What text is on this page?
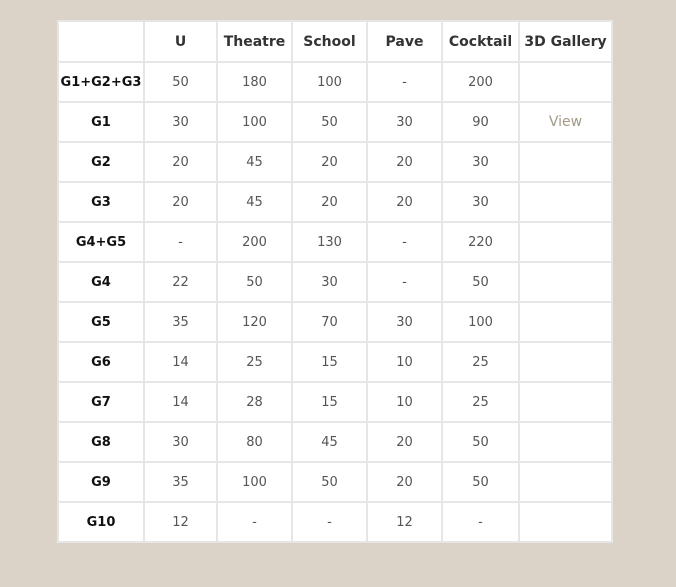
	U	Theatre	School	Pave	Cocktail	3D Gallery
G1+G2+G3	50	180	100	-	200	
G1	30	100	50	30	90	View
G2	20	45	20	20	30	
G3	20	45	20	20	30	
G4+G5	-	200	130	-	220	
G4	22	50	30	-	50	
G5	35	120	70	30	100	
G6	14	25	15	10	25	
G7	14	28	15	10	25	
G8	30	80	45	20	50	
G9	35	100	50	20	50	
G10	12	-	-	12	-	
